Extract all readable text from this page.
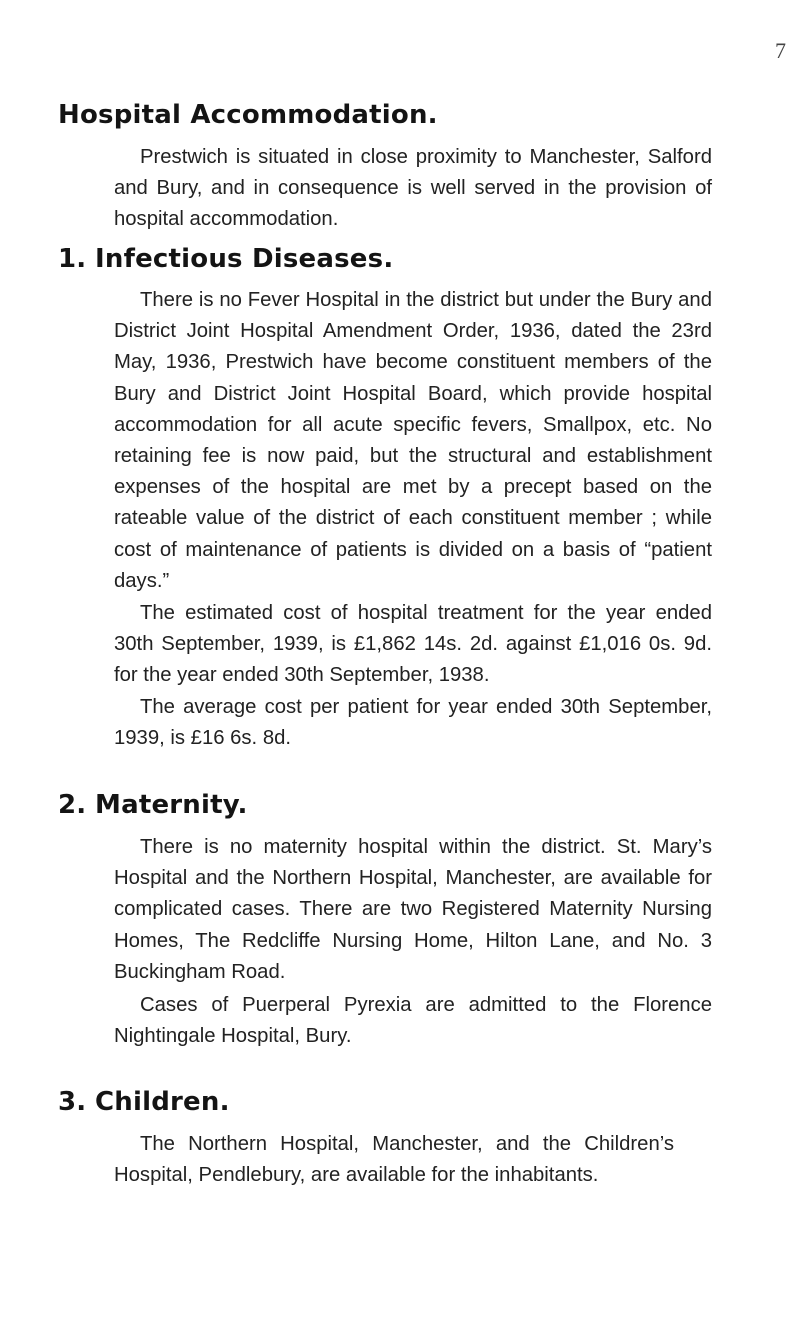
7
Hospital Accommodation.

Prestwich is situated in close proximity to Manchester, Salford and Bury, and in consequence is well served in the provision of hospital accommodation.

1. Infectious Diseases.

There is no Fever Hospital in the district but under the Bury and District Joint Hospital Amendment Order, 1936, dated the 23rd May, 1936, Prestwich have become constituent members of the Bury and District Joint Hospital Board, which provide hospital accommodation for all acute specific fevers, Smallpox, etc. No retaining fee is now paid, but the structural and establishment expenses of the hospital are met by a precept based on the rateable value of the district of each constituent member ; while cost of maintenance of patients is divided on a basis of “patient days.”

The estimated cost of hospital treatment for the year ended 30th September, 1939, is £1,862 14s. 2d. against £1,016 0s. 9d. for the year ended 30th September, 1938.

The average cost per patient for year ended 30th September, 1939, is £16 6s. 8d.

2. Maternity.

There is no maternity hospital within the district. St. Mary’s Hospital and the Northern Hospital, Manchester, are available for complicated cases. There are two Registered Maternity Nursing Homes, The Redcliffe Nursing Home, Hilton Lane, and No. 3 Buckingham Road.

Cases of Puerperal Pyrexia are admitted to the Florence Nightingale Hospital, Bury.

3. Children.

The Northern Hospital, Manchester, and the Children’s Hospital, Pendlebury, are available for the inhabitants.
